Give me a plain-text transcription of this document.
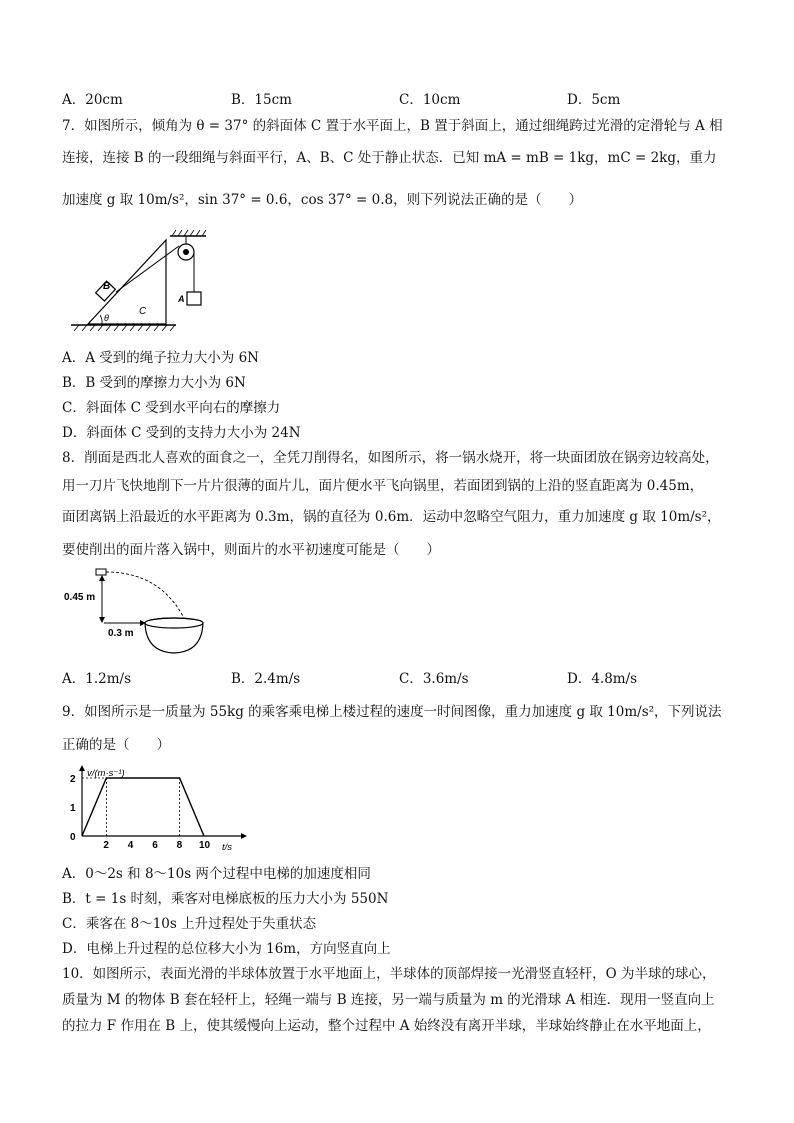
A．20cm	B．15cm	C．10cm	D．5cm
7．如图所示，倾角为 θ = 37° 的斜面体 C 置于水平面上，B 置于斜面上，通过细绳跨过光滑的定滑轮与 A 相
连接，连接 B 的一段细绳与斜面平行，A、B、C 处于静止状态．已知 mA = mB = 1kg，mC = 2kg，重力
加速度 g 取 10m/s²，sin 37° = 0.6，cos 37° = 0.8，则下列说法正确的是（　　）
θ
B
C
A
A．A 受到的绳子拉力大小为 6N
B．B 受到的摩擦力大小为 6N
C．斜面体 C 受到水平向右的摩擦力
D．斜面体 C 受到的支持力大小为 24N
8．削面是西北人喜欢的面食之一，全凭刀削得名，如图所示，将一锅水烧开，将一块面团放在锅旁边较高处，
用一刀片飞快地削下一片片很薄的面片儿，面片便水平飞向锅里，若面团到锅的上沿的竖直距离为 0.45m，
面团离锅上沿最近的水平距离为 0.3m，锅的直径为 0.6m．运动中忽略空气阻力，重力加速度 g 取 10m/s²，
要使削出的面片落入锅中，则面片的水平初速度可能是（　　）
0.45 m
0.3 m
A．1.2m/s	B．2.4m/s	C．3.6m/s	D．4.8m/s
9．如图所示是一质量为 55kg 的乘客乘电梯上楼过程的速度一时间图像，重力加速度 g 取 10m/s²，下列说法
正确的是（　　）
v/(m·s⁻¹)
t/s
2 4 6 8 10
0
1
2
A．0～2s 和 8～10s 两个过程中电梯的加速度相同
B．t = 1s 时刻，乘客对电梯底板的压力大小为 550N
C．乘客在 8～10s 上升过程处于失重状态
D．电梯上升过程的总位移大小为 16m，方向竖直向上
10．如图所示，表面光滑的半球体放置于水平地面上，半球体的顶部焊接一光滑竖直轻杆，O 为半球的球心，
质量为 M 的物体 B 套在轻杆上，轻绳一端与 B 连接，另一端与质量为 m 的光滑球 A 相连．现用一竖直向上
的拉力 F 作用在 B 上，使其缓慢向上运动，整个过程中 A 始终没有离开半球，半球始终静止在水平地面上，
